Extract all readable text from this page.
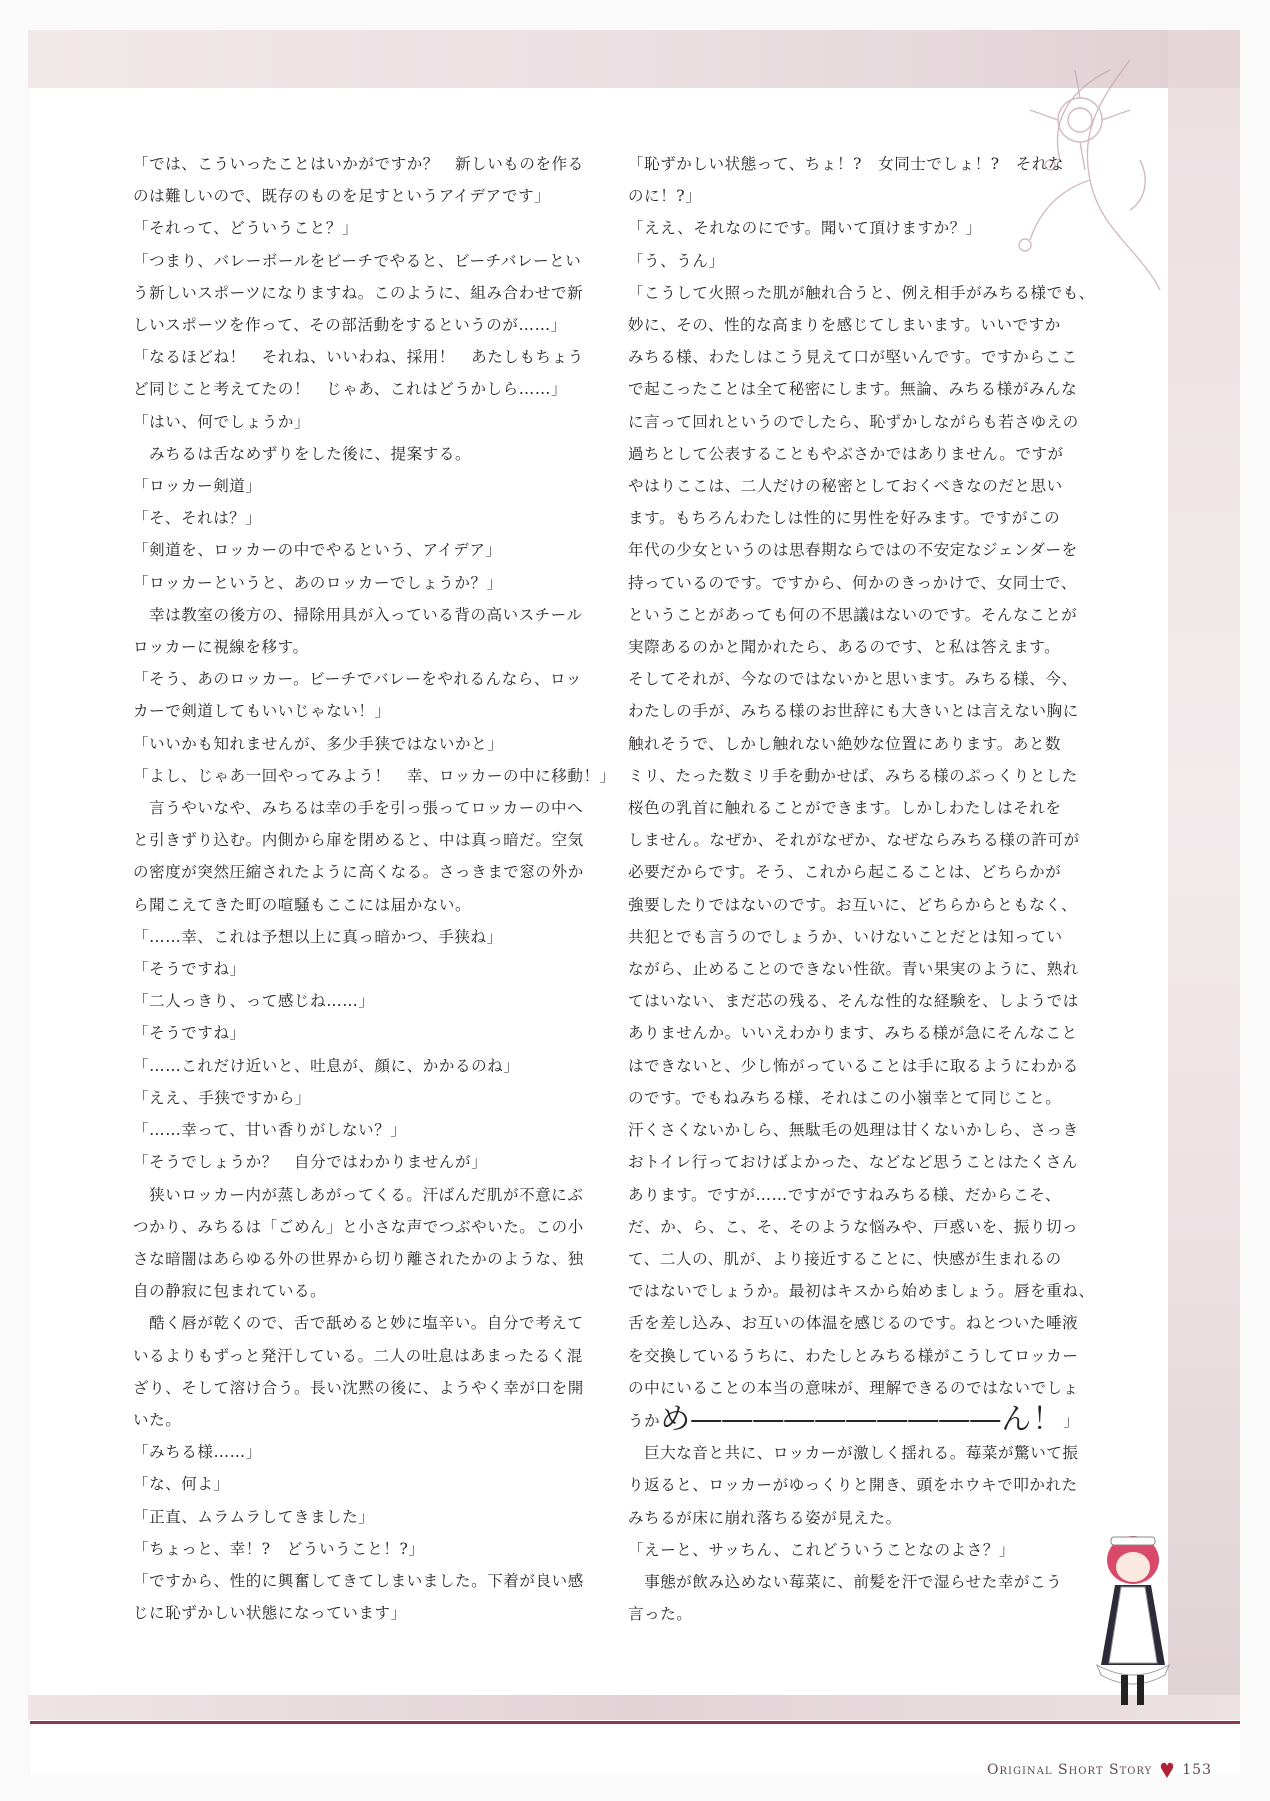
「では、こういったことはいかがですか？　新しいものを作る

のは難しいので、既存のものを足すというアイデアです」

「それって、どういうこと？」

「つまり、バレーボールをビーチでやると、ビーチバレーとい

う新しいスポーツになりますね。このように、組み合わせで新

しいスポーツを作って、その部活動をするというのが……」

「なるほどね！　それね、いいわね、採用！　あたしもちょう

ど同じこと考えてたの！　じゃあ、これはどうかしら……」

「はい、何でしょうか」

　みちるは舌なめずりをした後に、提案する。

「ロッカー剣道」

「そ、それは？」

「剣道を、ロッカーの中でやるという、アイデア」

「ロッカーというと、あのロッカーでしょうか？」

　幸は教室の後方の、掃除用具が入っている背の高いスチール

ロッカーに視線を移す。

「そう、あのロッカー。ビーチでバレーをやれるんなら、ロッ

カーで剣道してもいいじゃない！」

「いいかも知れませんが、多少手狭ではないかと」

「よし、じゃあ一回やってみよう！　幸、ロッカーの中に移動！」

　言うやいなや、みちるは幸の手を引っ張ってロッカーの中へ

と引きずり込む。内側から扉を閉めると、中は真っ暗だ。空気

の密度が突然圧縮されたように高くなる。さっきまで窓の外か

ら聞こえてきた町の喧騒もここには届かない。

「……幸、これは予想以上に真っ暗かつ、手狭ね」

「そうですね」

「二人っきり、って感じね……」

「そうですね」

「……これだけ近いと、吐息が、顔に、かかるのね」

「ええ、手狭ですから」

「……幸って、甘い香りがしない？」

「そうでしょうか？　自分ではわかりませんが」

　狭いロッカー内が蒸しあがってくる。汗ばんだ肌が不意にぶ

つかり、みちるは「ごめん」と小さな声でつぶやいた。この小

さな暗闇はあらゆる外の世界から切り離されたかのような、独

自の静寂に包まれている。

　酷く唇が乾くので、舌で舐めると妙に塩辛い。自分で考えて

いるよりもずっと発汗している。二人の吐息はあまったるく混

ざり、そして溶け合う。長い沈黙の後に、ようやく幸が口を開

いた。

「みちる様……」

「な、何よ」

「正直、ムラムラしてきました」

「ちょっと、幸！?　どういうこと！?」

「ですから、性的に興奮してきてしまいました。下着が良い感

じに恥ずかしい状態になっています」

「恥ずかしい状態って、ちょ！?　女同士でしょ！?　それな

のに！?」

「ええ、それなのにです。聞いて頂けますか？」

「う、うん」

「こうして火照った肌が触れ合うと、例え相手がみちる様でも、

妙に、その、性的な高まりを感じてしまいます。いいですか

みちる様、わたしはこう見えて口が堅いんです。ですからここ

で起こったことは全て秘密にします。無論、みちる様がみんな

に言って回れというのでしたら、恥ずかしながらも若さゆえの

過ちとして公表することもやぶさかではありません。ですが

やはりここは、二人だけの秘密としておくべきなのだと思い

ます。もちろんわたしは性的に男性を好みます。ですがこの

年代の少女というのは思春期ならではの不安定なジェンダーを

持っているのです。ですから、何かのきっかけで、女同士で、

ということがあっても何の不思議はないのです。そんなことが

実際あるのかと聞かれたら、あるのです、と私は答えます。

そしてそれが、今なのではないかと思います。みちる様、今、

わたしの手が、みちる様のお世辞にも大きいとは言えない胸に

触れそうで、しかし触れない絶妙な位置にあります。あと数

ミリ、たった数ミリ手を動かせば、みちる様のぷっくりとした

桜色の乳首に触れることができます。しかしわたしはそれを

しません。なぜか、それがなぜか、なぜならみちる様の許可が

必要だからです。そう、これから起こることは、どちらかが

強要したりではないのです。お互いに、どちらからともなく、

共犯とでも言うのでしょうか、いけないことだとは知ってい

ながら、止めることのできない性欲。青い果実のように、熟れ

てはいない、まだ芯の残る、そんな性的な経験を、しようでは

ありませんか。いいえわかります、みちる様が急にそんなこと

はできないと、少し怖がっていることは手に取るようにわかる

のです。でもねみちる様、それはこの小嶺幸とて同じこと。

汗くさくないかしら、無駄毛の処理は甘くないかしら、さっき

おトイレ行っておけばよかった、などなど思うことはたくさん

あります。ですが……ですがですねみちる様、だからこそ、

だ、か、ら、こ、そ、そのような悩みや、戸惑いを、振り切っ

て、二人の、肌が、より接近することに、快感が生まれるの

ではないでしょうか。最初はキスから始めましょう。唇を重ね、

舌を差し込み、お互いの体温を感じるのです。ねとついた唾液

を交換しているうちに、わたしとみちる様がこうしてロッカー

の中にいることの本当の意味が、理解できるのではないでしょ

うかめ――――――――――ん！」

　巨大な音と共に、ロッカーが激しく揺れる。莓菜が驚いて振

り返ると、ロッカーがゆっくりと開き、頭をホウキで叩かれた

みちるが床に崩れ落ちる姿が見えた。

「えーと、サッちん、これどういうことなのよさ？」

　事態が飲み込めない莓菜に、前髪を汗で湿らせた幸がこう

言った。

Original Short Story 153
